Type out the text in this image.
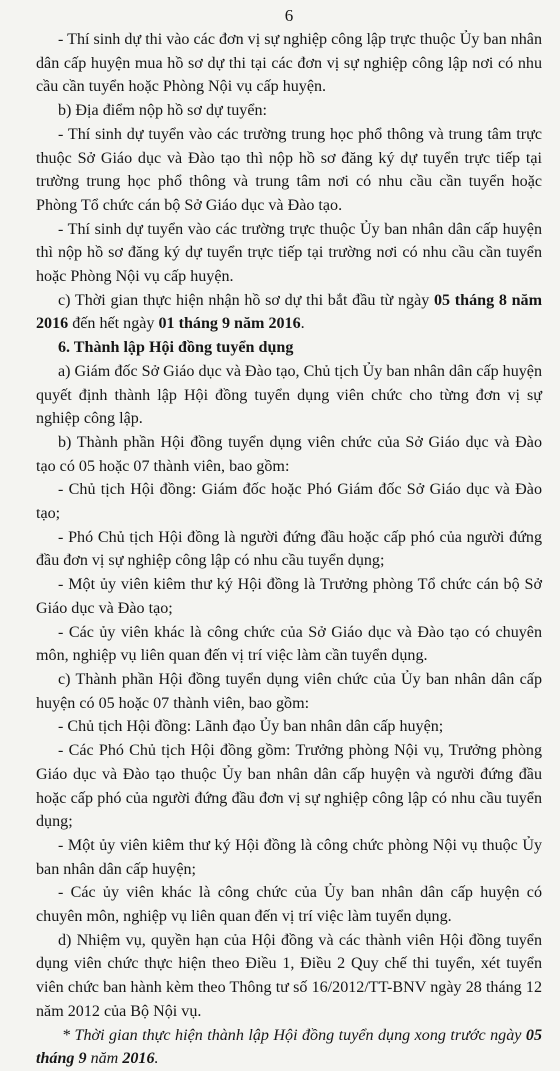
6

- Thí sinh dự thi vào các đơn vị sự nghiệp công lập trực thuộc Ủy ban nhân dân cấp huyện mua hồ sơ dự thi tại các đơn vị sự nghiệp công lập nơi có nhu cầu cần tuyển hoặc Phòng Nội vụ cấp huyện.

b) Địa điểm nộp hồ sơ dự tuyển:

- Thí sinh dự tuyển vào các trường trung học phổ thông và trung tâm trực thuộc Sở Giáo dục và Đào tạo thì nộp hồ sơ đăng ký dự tuyển trực tiếp tại trường trung học phổ thông và trung tâm nơi có nhu cầu cần tuyển hoặc Phòng Tổ chức cán bộ Sở Giáo dục và Đào tạo.

- Thí sinh dự tuyển vào các trường trực thuộc Ủy ban nhân dân cấp huyện thì nộp hồ sơ đăng ký dự tuyển trực tiếp tại trường nơi có nhu cầu cần tuyển hoặc Phòng Nội vụ cấp huyện.

c) Thời gian thực hiện nhận hồ sơ dự thi bắt đầu từ ngày 05 tháng 8 năm 2016 đến hết ngày 01 tháng 9 năm 2016.

6. Thành lập Hội đồng tuyển dụng

a) Giám đốc Sở Giáo dục và Đào tạo, Chủ tịch Ủy ban nhân dân cấp huyện quyết định thành lập Hội đồng tuyển dụng viên chức cho từng đơn vị sự nghiệp công lập.

b) Thành phần Hội đồng tuyển dụng viên chức của Sở Giáo dục và Đào tạo có 05 hoặc 07 thành viên, bao gồm:

- Chủ tịch Hội đồng: Giám đốc hoặc Phó Giám đốc Sở Giáo dục và Đào tạo;

- Phó Chủ tịch Hội đồng là người đứng đầu hoặc cấp phó của người đứng đầu đơn vị sự nghiệp công lập có nhu cầu tuyển dụng;

- Một ủy viên kiêm thư ký Hội đồng là Trưởng phòng Tổ chức cán bộ Sở Giáo dục và Đào tạo;

- Các ủy viên khác là công chức của Sở Giáo dục và Đào tạo có chuyên môn, nghiệp vụ liên quan đến vị trí việc làm cần tuyển dụng.

c) Thành phần Hội đồng tuyển dụng viên chức của Ủy ban nhân dân cấp huyện có 05 hoặc 07 thành viên, bao gồm:

- Chủ tịch Hội đồng: Lãnh đạo Ủy ban nhân dân cấp huyện;

- Các Phó Chủ tịch Hội đồng gồm: Trưởng phòng Nội vụ, Trưởng phòng Giáo dục và Đào tạo thuộc Ủy ban nhân dân cấp huyện và người đứng đầu hoặc cấp phó của người đứng đầu đơn vị sự nghiệp công lập có nhu cầu tuyển dụng;

- Một ủy viên kiêm thư ký Hội đồng là công chức phòng Nội vụ thuộc Ủy ban nhân dân cấp huyện;

- Các ủy viên khác là công chức của Ủy ban nhân dân cấp huyện có chuyên môn, nghiệp vụ liên quan đến vị trí việc làm tuyển dụng.

d) Nhiệm vụ, quyền hạn của Hội đồng và các thành viên Hội đồng tuyển dụng viên chức thực hiện theo Điều 1, Điều 2 Quy chế thi tuyển, xét tuyển viên chức ban hành kèm theo Thông tư số 16/2012/TT-BNV ngày 28 tháng 12 năm 2012 của Bộ Nội vụ.

* Thời gian thực hiện thành lập Hội đồng tuyển dụng xong trước ngày 05 tháng 9 năm 2016.
